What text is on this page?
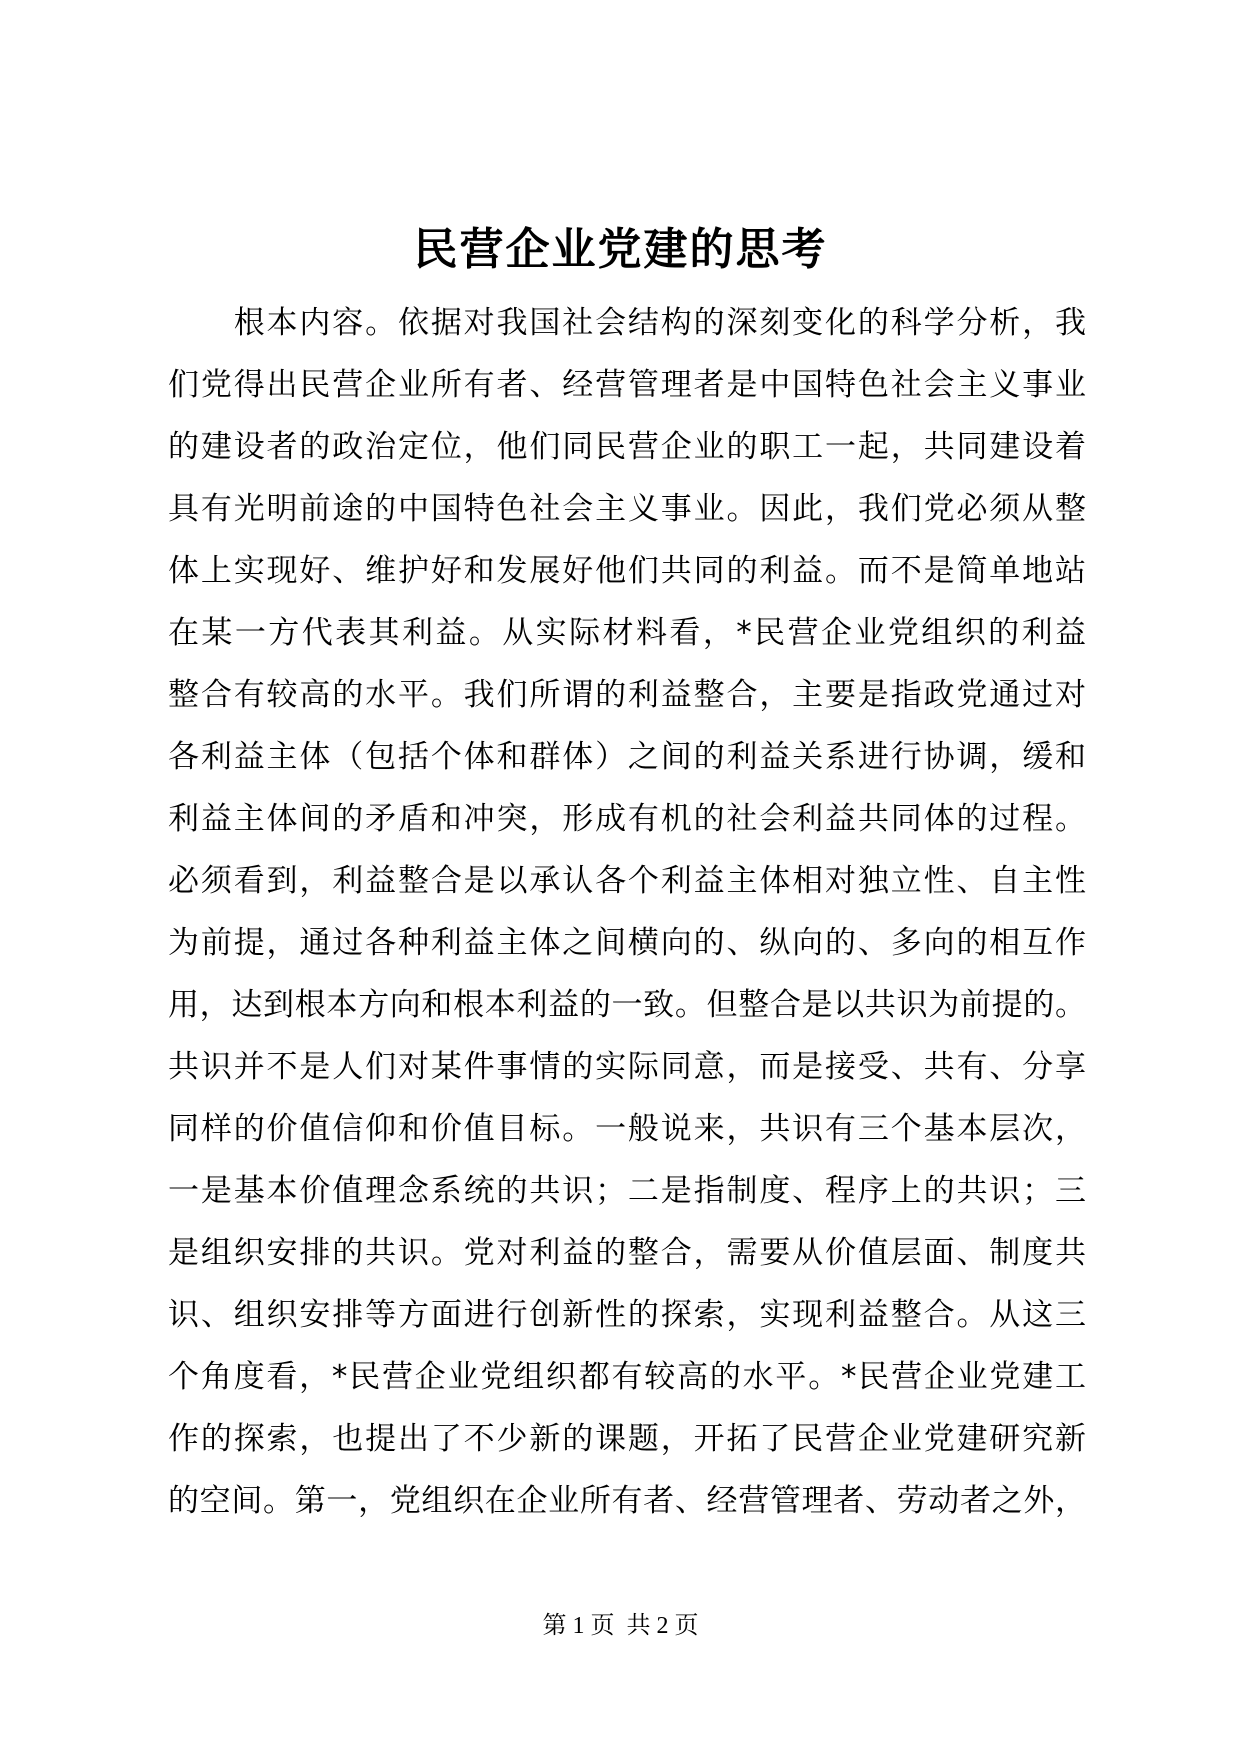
民营企业党建的思考
　　根本内容。依据对我国社会结构的深刻变化的科学分析，我
们党得出民营企业所有者、经营管理者是中国特色社会主义事业
的建设者的政治定位，他们同民营企业的职工一起，共同建设着
具有光明前途的中国特色社会主义事业。因此，我们党必须从整
体上实现好、维护好和发展好他们共同的利益。而不是简单地站
在某一方代表其利益。从实际材料看，*民营企业党组织的利益
整合有较高的水平。我们所谓的利益整合，主要是指政党通过对
各利益主体（包括个体和群体）之间的利益关系进行协调，缓和
利益主体间的矛盾和冲突，形成有机的社会利益共同体的过程。
必须看到，利益整合是以承认各个利益主体相对独立性、自主性
为前提，通过各种利益主体之间横向的、纵向的、多向的相互作
用，达到根本方向和根本利益的一致。但整合是以共识为前提的。
共识并不是人们对某件事情的实际同意，而是接受、共有、分享
同样的价值信仰和价值目标。一般说来，共识有三个基本层次，
一是基本价值理念系统的共识；二是指制度、程序上的共识；三
是组织安排的共识。党对利益的整合，需要从价值层面、制度共
识、组织安排等方面进行创新性的探索，实现利益整合。从这三
个角度看，*民营企业党组织都有较高的水平。*民营企业党建工
作的探索，也提出了不少新的课题，开拓了民营企业党建研究新
的空间。第一，党组织在企业所有者、经营管理者、劳动者之外，
第 1 页  共 2 页
